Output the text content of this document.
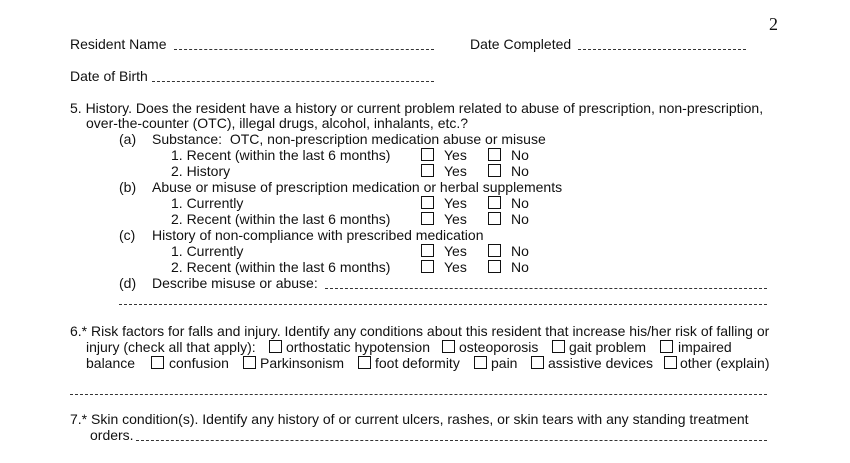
2
Resident Name	Date Completed
Date of Birth
5. History. Does the resident have a history or current problem related to abuse of prescription, non-prescription,
over-the-counter (OTC), illegal drugs, alcohol, inhalants, etc.?
(a) Substance:  OTC, non-prescription medication abuse or misuse
1. Recent (within the last 6 months)	Yes	No
2. History	Yes	No
(b) Abuse or misuse of prescription medication or herbal supplements
1. Currently	Yes	No
2. Recent (within the last 6 months)	Yes	No
(c) History of non-compliance with prescribed medication
1. Currently	Yes	No
2. Recent (within the last 6 months)	Yes	No
(d) Describe misuse or abuse:
6.* Risk factors for falls and injury. Identify any conditions about this resident that increase his/her risk of falling or
injury (check all that apply): orthostatic hypotension osteoporosis gait problem impaired
balance confusion Parkinsonism foot deformity pain assistive devices other (explain)
7.* Skin condition(s). Identify any history of or current ulcers, rashes, or skin tears with any standing treatment
orders.
